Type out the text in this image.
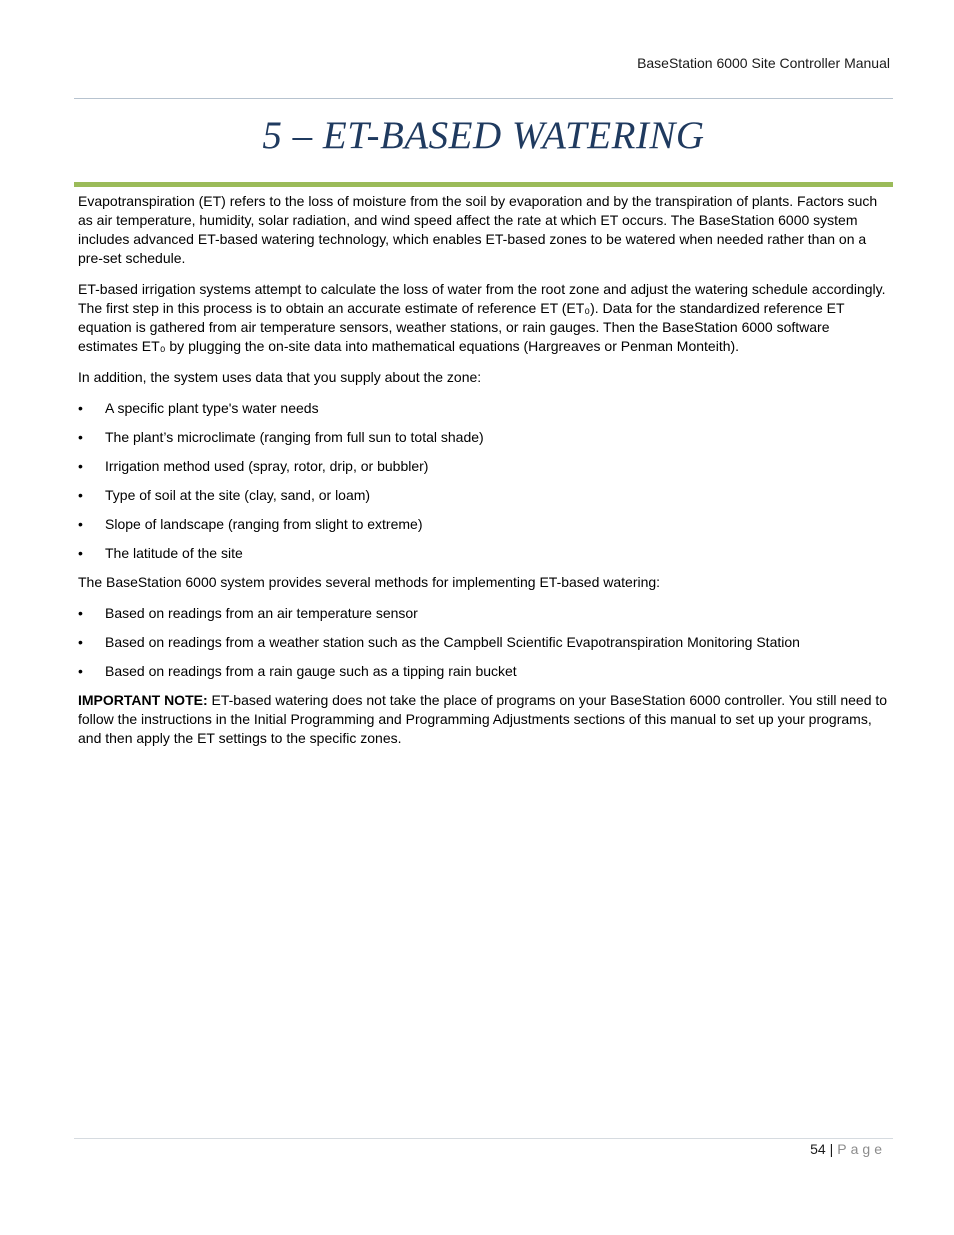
BaseStation 6000 Site Controller Manual
5 – ET-BASED WATERING

Evapotranspiration (ET) refers to the loss of moisture from the soil by evaporation and by the transpiration of plants. Factors such as air temperature, humidity, solar radiation, and wind speed affect the rate at which ET occurs. The BaseStation 6000 system includes advanced ET-based watering technology, which enables ET-based zones to be watered when needed rather than on a pre-set schedule.

ET-based irrigation systems attempt to calculate the loss of water from the root zone and adjust the watering schedule accordingly. The first step in this process is to obtain an accurate estimate of reference ET (ET₀). Data for the standardized reference ET equation is gathered from air temperature sensors, weather stations, or rain gauges. Then the BaseStation 6000 software estimates ET₀ by plugging the on-site data into mathematical equations (Hargreaves or Penman Monteith).

In addition, the system uses data that you supply about the zone:

• A specific plant type's water needs
• The plant’s microclimate (ranging from full sun to total shade)
• Irrigation method used (spray, rotor, drip, or bubbler)
• Type of soil at the site (clay, sand, or loam)
• Slope of landscape (ranging from slight to extreme)
• The latitude of the site

The BaseStation 6000 system provides several methods for implementing ET-based watering:

• Based on readings from an air temperature sensor
• Based on readings from a weather station such as the Campbell Scientific Evapotranspiration Monitoring Station
• Based on readings from a rain gauge such as a tipping rain bucket

IMPORTANT NOTE: ET-based watering does not take the place of programs on your BaseStation 6000 controller. You still need to follow the instructions in the Initial Programming and Programming Adjustments sections of this manual to set up your programs, and then apply the ET settings to the specific zones.

54 | Page
